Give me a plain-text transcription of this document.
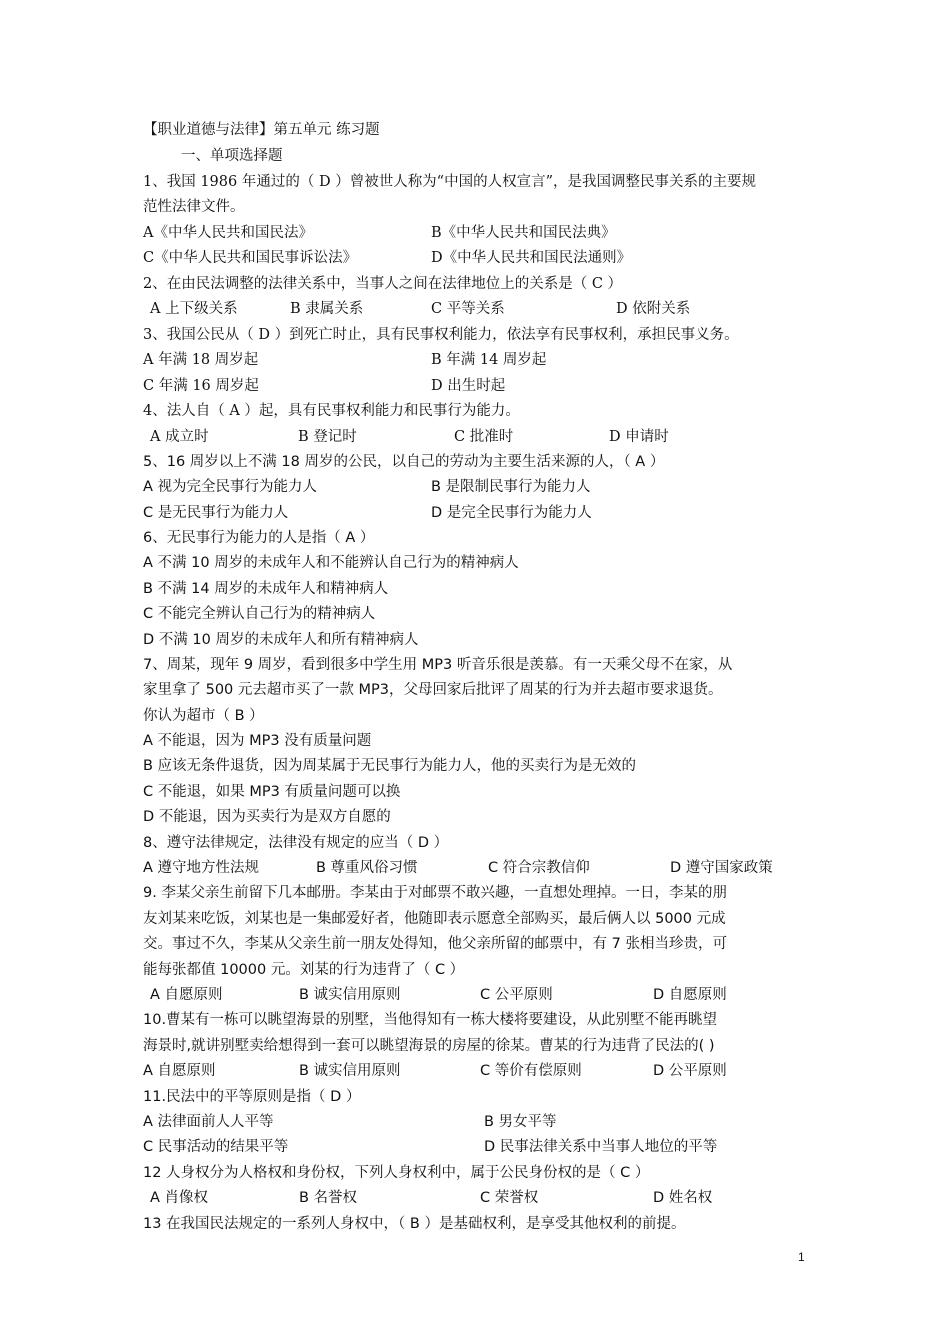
【职业道德与法律】第五单元 练习题
一、单项选择题
1、我国 1986 年通过的（ D ）曾被世人称为“中国的人权宣言”，是我国调整民事关系的主要规
范性法律文件。
A《中华人民共和国民法》	B《中华人民共和国民法典》
C《中华人民共和国民事诉讼法》	D《中华人民共和国民法通则》
2、在由民法调整的法律关系中，当事人之间在法律地位上的关系是（ C ）
A 上下级关系	B 隶属关系	C 平等关系	D 依附关系
3、我国公民从（ D ）到死亡时止，具有民事权利能力，依法享有民事权利，承担民事义务。
A 年满 18 周岁起	B 年满 14 周岁起
C 年满 16 周岁起	D 出生时起
4、法人自（ A ）起，具有民事权利能力和民事行为能力。
A 成立时	B 登记时	C 批准时	D 申请时
5、16 周岁以上不满 18 周岁的公民，以自己的劳动为主要生活来源的人，（ A ）
A 视为完全民事行为能力人	B 是限制民事行为能力人
C 是无民事行为能力人	D 是完全民事行为能力人
6、无民事行为能力的人是指（ A ）
A 不满 10 周岁的未成年人和不能辨认自己行为的精神病人
B 不满 14 周岁的未成年人和精神病人
C 不能完全辨认自己行为的精神病人
D 不满 10 周岁的未成年人和所有精神病人
7、周某，现年 9 周岁，看到很多中学生用 MP3 听音乐很是羡慕。有一天乘父母不在家，从
家里拿了 500 元去超市买了一款 MP3，父母回家后批评了周某的行为并去超市要求退货。
你认为超市（ B ）
A 不能退，因为 MP3 没有质量问题
B 应该无条件退货，因为周某属于无民事行为能力人，他的买卖行为是无效的
C 不能退，如果 MP3 有质量问题可以换
D 不能退，因为买卖行为是双方自愿的
8、遵守法律规定，法律没有规定的应当（ D ）
A 遵守地方性法规	B 尊重风俗习惯	C 符合宗教信仰	D 遵守国家政策
9. 李某父亲生前留下几本邮册。李某由于对邮票不敢兴趣，一直想处理掉。一日，李某的朋
友刘某来吃饭，刘某也是一集邮爱好者，他随即表示愿意全部购买，最后俩人以 5000 元成
交。事过不久，李某从父亲生前一朋友处得知，他父亲所留的邮票中，有 7 张相当珍贵，可
能每张都值 10000 元。刘某的行为违背了（ C ）
A 自愿原则	B 诚实信用原则	C 公平原则	D 自愿原则
10.曹某有一栋可以眺望海景的别墅，当他得知有一栋大楼将要建设，从此别墅不能再眺望
海景时,就讲别墅卖给想得到一套可以眺望海景的房屋的徐某。曹某的行为违背了民法的( )
A 自愿原则	B 诚实信用原则	C 等价有偿原则	D 公平原则
11.民法中的平等原则是指（ D ）
A 法律面前人人平等	B 男女平等
C 民事活动的结果平等	D 民事法律关系中当事人地位的平等
12 人身权分为人格权和身份权，下列人身权利中，属于公民身份权的是（ C ）
A 肖像权	B 名誉权	C 荣誉权	D 姓名权
13 在我国民法规定的一系列人身权中，（ B ）是基础权利，是享受其他权利的前提。
1
